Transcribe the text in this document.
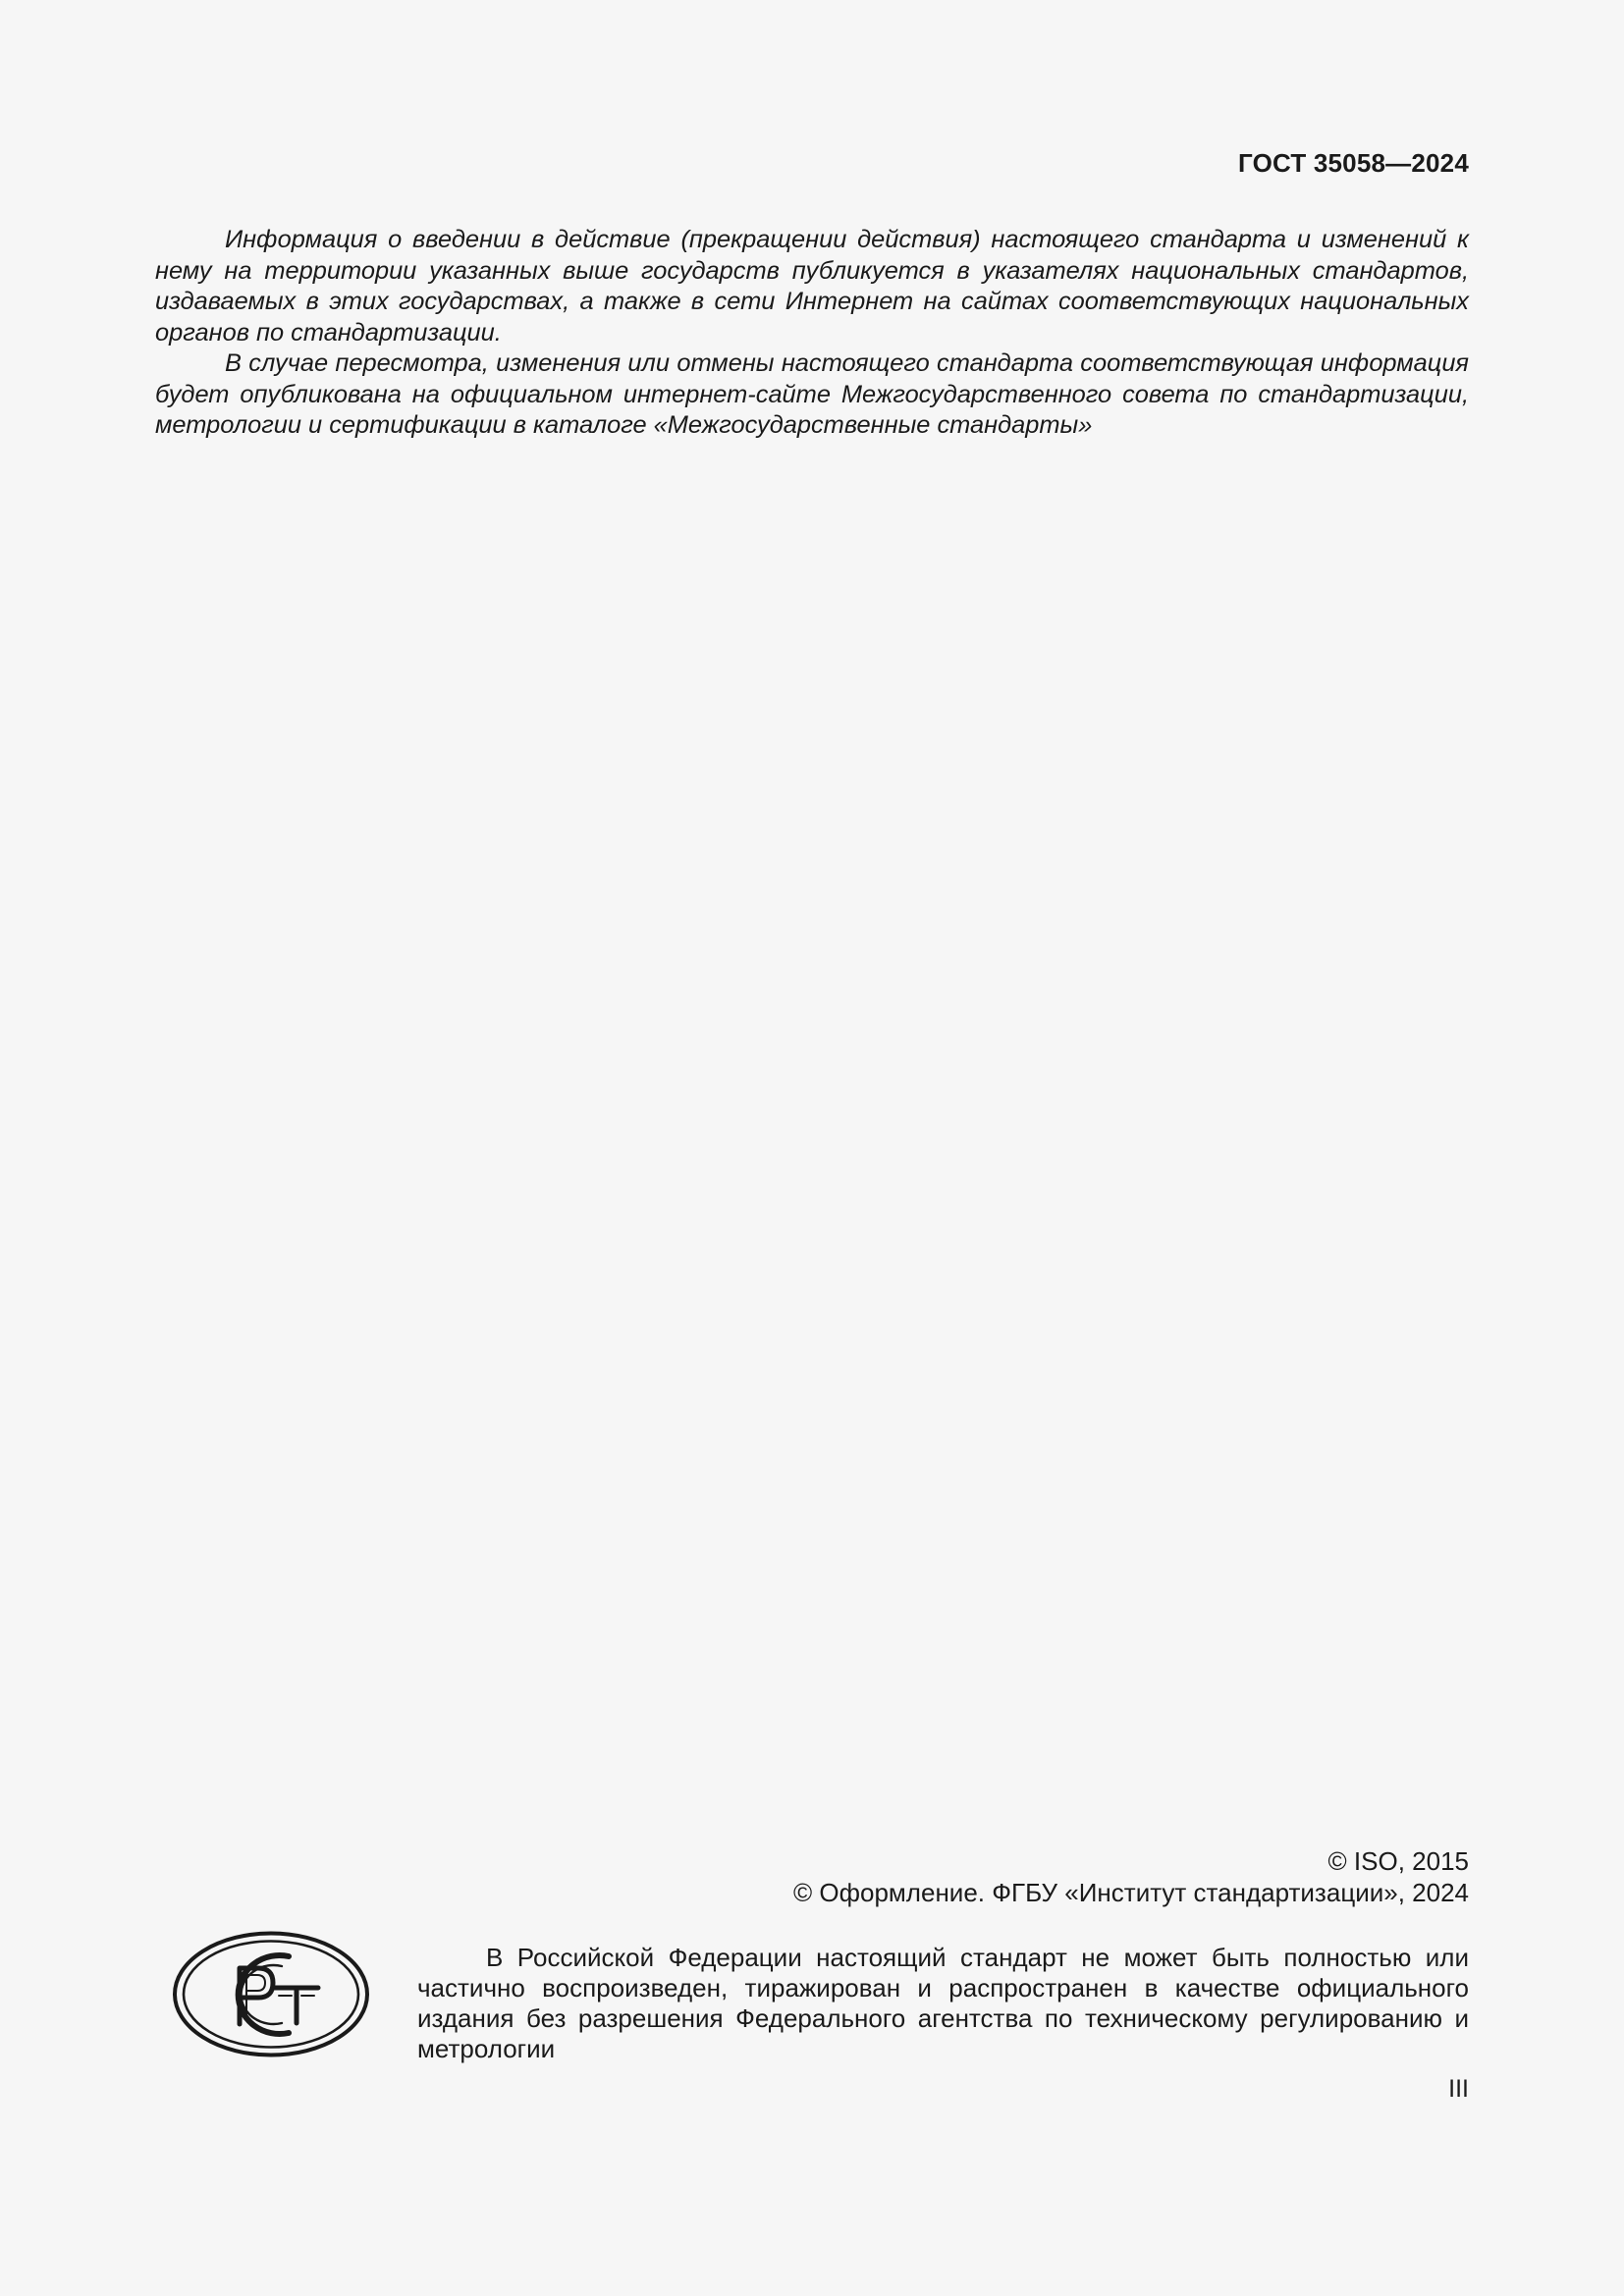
ГОСТ 35058—2024

Информация о введении в действие (прекращении действия) настоящего стандарта и изменений к нему на территории указанных выше государств публикуется в указателях национальных стандартов, издаваемых в этих государствах, а также в сети Интернет на сайтах соответствующих национальных органов по стандартизации.

В случае пересмотра, изменения или отмены настоящего стандарта соответствующая информация будет опубликована на официальном интернет-сайте Межгосударственного совета по стандартизации, метрологии и сертификации в каталоге «Межгосударственные стандарты»

© ISO, 2015
© Оформление. ФГБУ «Институт стандартизации», 2024

В Российской Федерации настоящий стандарт не может быть полностью или частично воспроизведен, тиражирован и распространен в качестве официального издания без разрешения Федерального агентства по техническому регулированию и метрологии

III
